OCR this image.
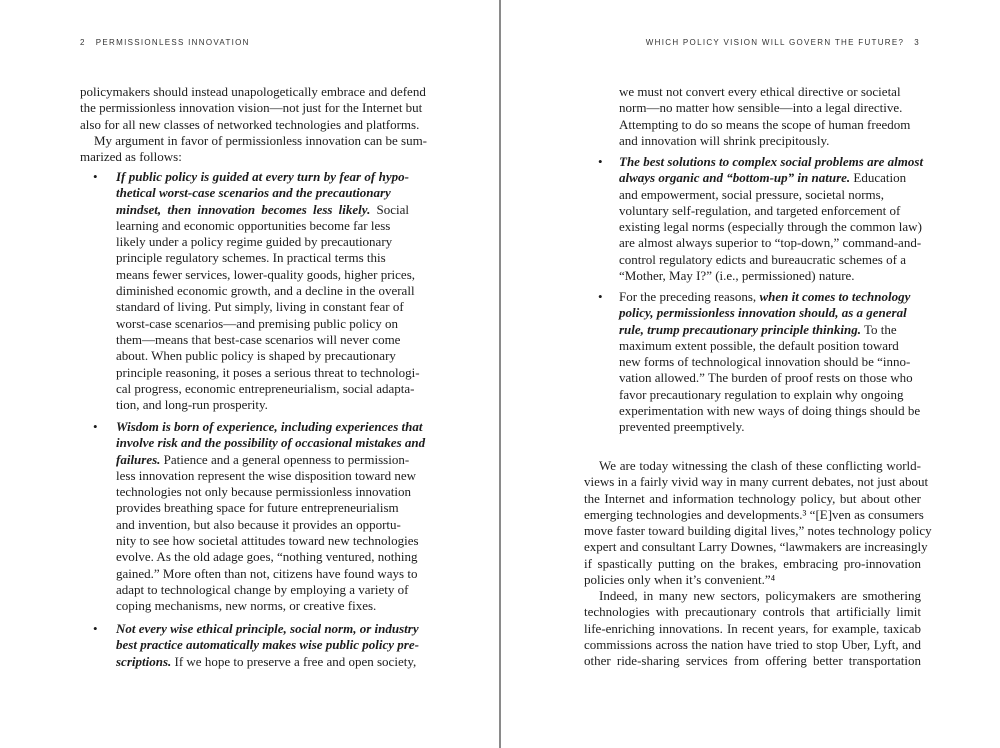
2 PERMISSIONLESS INNOVATION
policymakers should instead unapologetically embrace and defend
the permissionless innovation vision—not just for the Internet but
also for all new classes of networked technologies and platforms.
My argument in favor of permissionless innovation can be sum-
marized as follows:
•	If public policy is guided at every turn by fear of hypo-
thetical worst-case scenarios and the precautionary
mindset, then innovation becomes less likely. Social
learning and economic opportunities become far less
likely under a policy regime guided by precautionary
principle regulatory schemes. In practical terms this
means fewer services, lower-quality goods, higher prices,
diminished economic growth, and a decline in the overall
standard of living. Put simply, living in constant fear of
worst-case scenarios—and premising public policy on
them—means that best-case scenarios will never come
about. When public policy is shaped by precautionary
principle reasoning, it poses a serious threat to technologi-
cal progress, economic entrepreneurialism, social adapta-
tion, and long-run prosperity.
•	Wisdom is born of experience, including experiences that
involve risk and the possibility of occasional mistakes and
failures. Patience and a general openness to permission-
less innovation represent the wise disposition toward new
technologies not only because permissionless innovation
provides breathing space for future entrepreneurialism
and invention, but also because it provides an opportu-
nity to see how societal attitudes toward new technologies
evolve. As the old adage goes, “nothing ventured, nothing
gained.” More often than not, citizens have found ways to
adapt to technological change by employing a variety of
coping mechanisms, new norms, or creative fixes.
•	Not every wise ethical principle, social norm, or industry
best practice automatically makes wise public policy pre-
scriptions. If we hope to preserve a free and open society,
WHICH POLICY VISION WILL GOVERN THE FUTURE? 3
we must not convert every ethical directive or societal
norm—no matter how sensible—into a legal directive.
Attempting to do so means the scope of human freedom
and innovation will shrink precipitously.
•	The best solutions to complex social problems are almost
always organic and “bottom-up” in nature. Education
and empowerment, social pressure, societal norms,
voluntary self-regulation, and targeted enforcement of
existing legal norms (especially through the common law)
are almost always superior to “top-down,” command-and-
control regulatory edicts and bureaucratic schemes of a
“Mother, May I?” (i.e., permissioned) nature.
•	For the preceding reasons, when it comes to technology
policy, permissionless innovation should, as a general
rule, trump precautionary principle thinking. To the
maximum extent possible, the default position toward
new forms of technological innovation should be “inno-
vation allowed.” The burden of proof rests on those who
favor precautionary regulation to explain why ongoing
experimentation with new ways of doing things should be
prevented preemptively.
We are today witnessing the clash of these conflicting world-
views in a fairly vivid way in many current debates, not just about
the Internet and information technology policy, but about other
emerging technologies and developments.³ “[E]ven as consumers
move faster toward building digital lives,” notes technology policy
expert and consultant Larry Downes, “lawmakers are increasingly
if spastically putting on the brakes, embracing pro-innovation
policies only when it’s convenient.”⁴
Indeed, in many new sectors, policymakers are smothering
technologies with precautionary controls that artificially limit
life-enriching innovations. In recent years, for example, taxicab
commissions across the nation have tried to stop Uber, Lyft, and
other ride-sharing services from offering better transportation
